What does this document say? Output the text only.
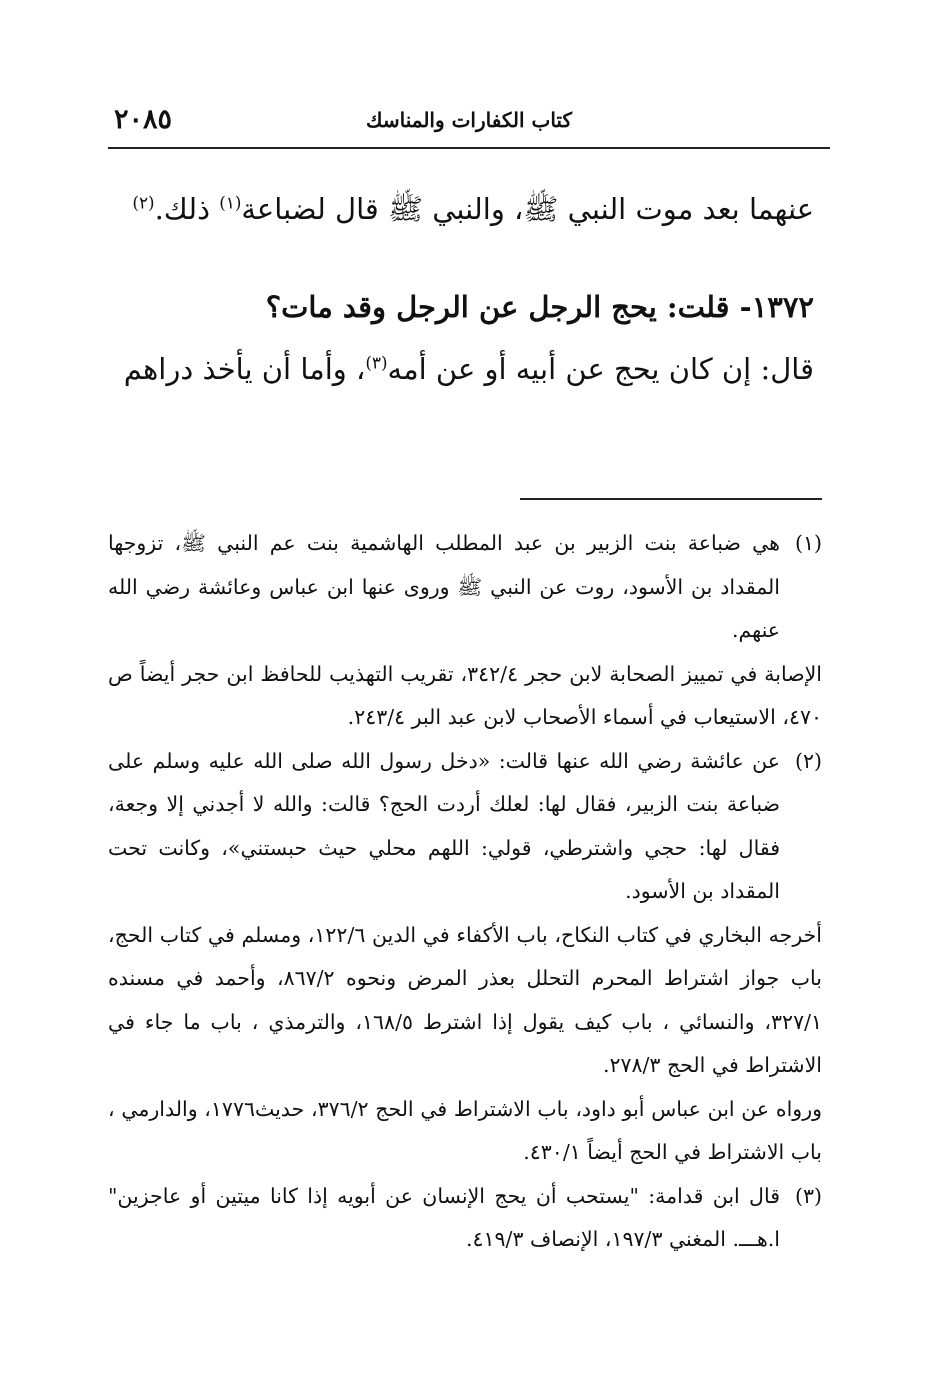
كتاب الكفارات والمناسك
٢٠٨٥

عنهما بعد موت النبي ﷺ، والنبي ﷺ قال لضباعة$^{(١)}$ ذلك.$^{(٢)}$

١٣٧٢- قلت: يحج الرجل عن الرجل وقد مات؟

قال: إن كان يحج عن أبيه أو عن أمه$^{(٣)}$، وأما أن يأخذ دراهم

(١)
هي ضباعة بنت الزبير بن عبد المطلب الهاشمية بنت عم النبي ﷺ، تزوجها المقداد بن الأسود، روت عن النبي ﷺ وروى عنها ابن عباس وعائشة رضي الله عنهم.

الإصابة في تمييز الصحابة لابن حجر ٣٤٢/٤، تقريب التهذيب للحافظ ابن حجر أيضاً ص ٤٧٠، الاستيعاب في أسماء الأصحاب لابن عبد البر ٢٤٣/٤.

(٢)
عن عائشة رضي الله عنها قالت: «دخل رسول الله صلى الله عليه وسلم على ضباعة بنت الزبير، فقال لها: لعلك أردت الحج؟ قالت: والله لا أجدني إلا وجعة، فقال لها: حجي واشترطي، قولي: اللهم محلي حيث حبستني»، وكانت تحت المقداد بن الأسود.

أخرجه البخاري في كتاب النكاح، باب الأكفاء في الدين ١٢٢/٦، ومسلم في كتاب الحج، باب جواز اشتراط المحرم التحلل بعذر المرض ونحوه ٨٦٧/٢، وأحمد في مسنده ٣٢٧/١، والنسائي ، باب كيف يقول إذا اشترط ١٦٨/٥، والترمذي ، باب ما جاء في الاشتراط في الحج ٢٧٨/٣.

ورواه عن ابن عباس أبو داود، باب الاشتراط في الحج ٣٧٦/٢، حديث١٧٧٦، والدارمي ، باب الاشتراط في الحج أيضاً ٤٣٠/١.

(٣)
قال ابن قدامة: "يستحب أن يحج الإنسان عن أبويه إذا كانا ميتين أو عاجزين" ا.هـــ. المغني ١٩٧/٣، الإنصاف ٤١٩/٣.
